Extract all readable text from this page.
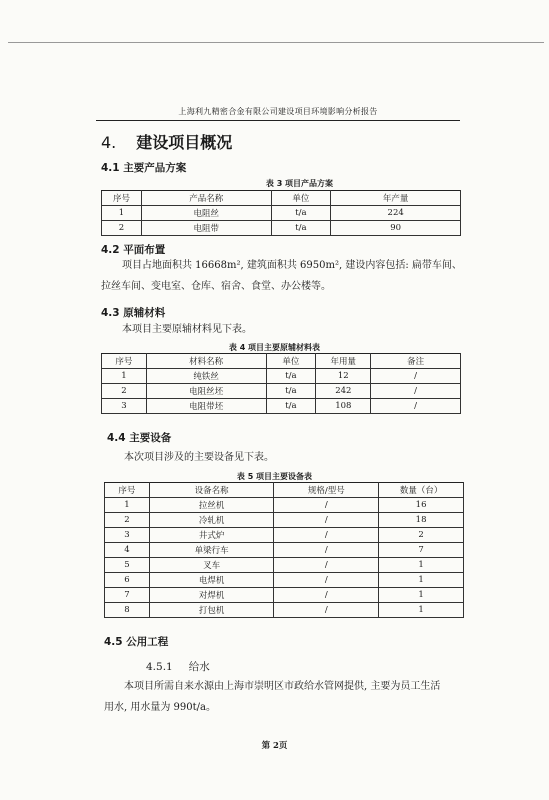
上海利九精密合金有限公司建设项目环境影响分析报告
4. 建设项目概况
4.1 主要产品方案
表 3 项目产品方案
序号	产品名称	单位	年产量
1	电阻丝	t/a	224
2	电阻带	t/a	90
4.2 平面布置
项目占地面积共 16668m², 建筑面积共 6950m², 建设内容包括: 扁带车间、
拉丝车间、变电室、仓库、宿舍、食堂、办公楼等。
4.3 原辅材料
本项目主要原辅材料见下表。
表 4 项目主要原辅材料表
序号	材料名称	单位	年用量	备注
1	纯铁丝	t/a	12	/
2	电阻丝坯	t/a	242	/
3	电阻带坯	t/a	108	/
4.4 主要设备
本次项目涉及的主要设备见下表。
表 5 项目主要设备表
序号	设备名称	规格/型号	数量（台）
1	拉丝机	/	16
2	冷轧机	/	18
3	井式炉	/	2
4	单梁行车	/	7
5	叉车	/	1
6	电焊机	/	1
7	对焊机	/	1
8	打包机	/	1
4.5 公用工程
4.5.1 给水
本项目所需自来水源由上海市崇明区市政给水管网提供, 主要为员工生活
用水, 用水量为 990t/a。
第 2页
